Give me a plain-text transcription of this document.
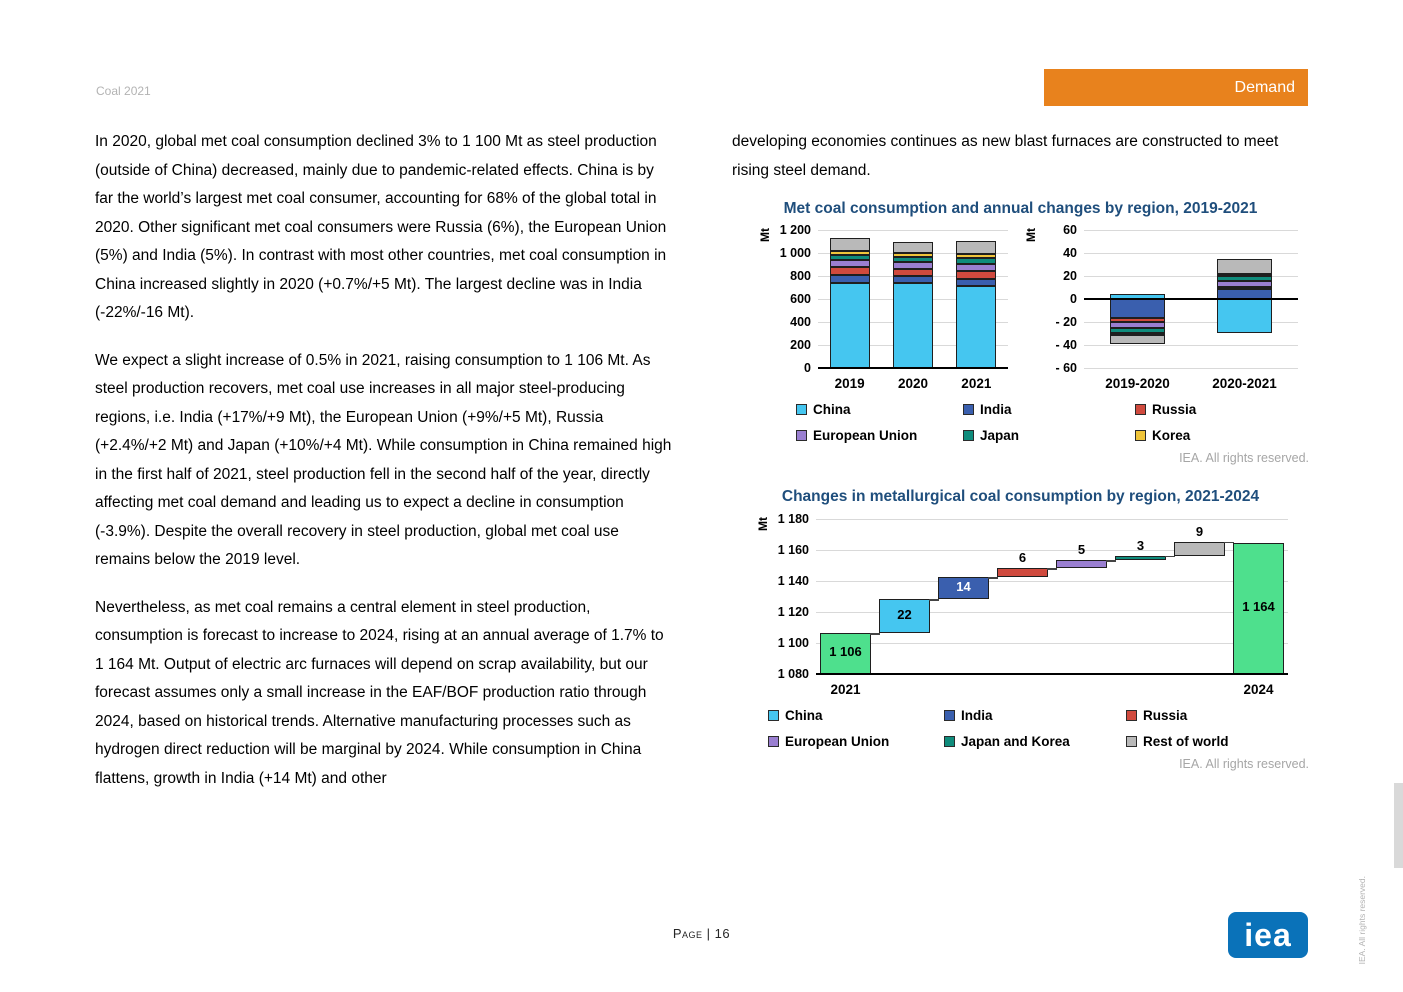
Coal 2021	Demand

In 2020, global met coal consumption declined 3% to 1 100 Mt as steel production (outside of China) decreased, mainly due to pandemic-related effects. China is by far the world’s largest met coal consumer, accounting for 68% of the global total in 2020. Other significant met coal consumers were Russia (6%), the European Union (5%) and India (5%). In contrast with most other countries, met coal consumption in China increased slightly in 2020 (+0.7%/+5 Mt). The largest decline was in India (-22%/-16 Mt).

We expect a slight increase of 0.5% in 2021, raising consumption to 1 106 Mt. As steel production recovers, met coal use increases in all major steel-producing regions, i.e. India (+17%/+9 Mt), the European Union (+9%/+5 Mt), Russia (+2.4%/+2 Mt) and Japan (+10%/+4 Mt). While consumption in China remained high in the first half of 2021, steel production fell in the second half of the year, directly affecting met coal demand and leading us to expect a decline in consumption (-3.9%). Despite the overall recovery in steel production, global met coal use remains below the 2019 level.

Nevertheless, as met coal remains a central element in steel production, consumption is forecast to increase to 2024, rising at an annual average of 1.7% to 1 164 Mt. Output of electric arc furnaces will depend on scrap availability, but our forecast assumes only a small increase in the EAF/BOF production ratio through 2024, based on historical trends. Alternative manufacturing processes such as hydrogen direct reduction will be marginal by 2024. While consumption in China flattens, growth in India (+14 Mt) and other

developing economies continues as new blast furnaces are constructed to meet rising steel demand.

Met coal consumption and annual changes by region, 2019-2021
Mt 1 200
1 000
800
600
400
200
0
2019 2020 2021
Mt 60
40
20
0
- 20
- 40
- 60
2019-2020	2020-2021
China	India	Russia
European Union	Japan	Korea
IEA. All rights reserved.
Changes in metallurgical coal consumption by region, 2021-2024
Mt 1 180
1 160
1 140
1 120
1 100
1 080
1 106
22
14
6
5	3
9
1 164
2021	2024
China	India	Russia
European Union	Japan and Korea	Rest of world
IEA. All rights reserved.
Page | 16	iea	IEA. All rights reserved.
